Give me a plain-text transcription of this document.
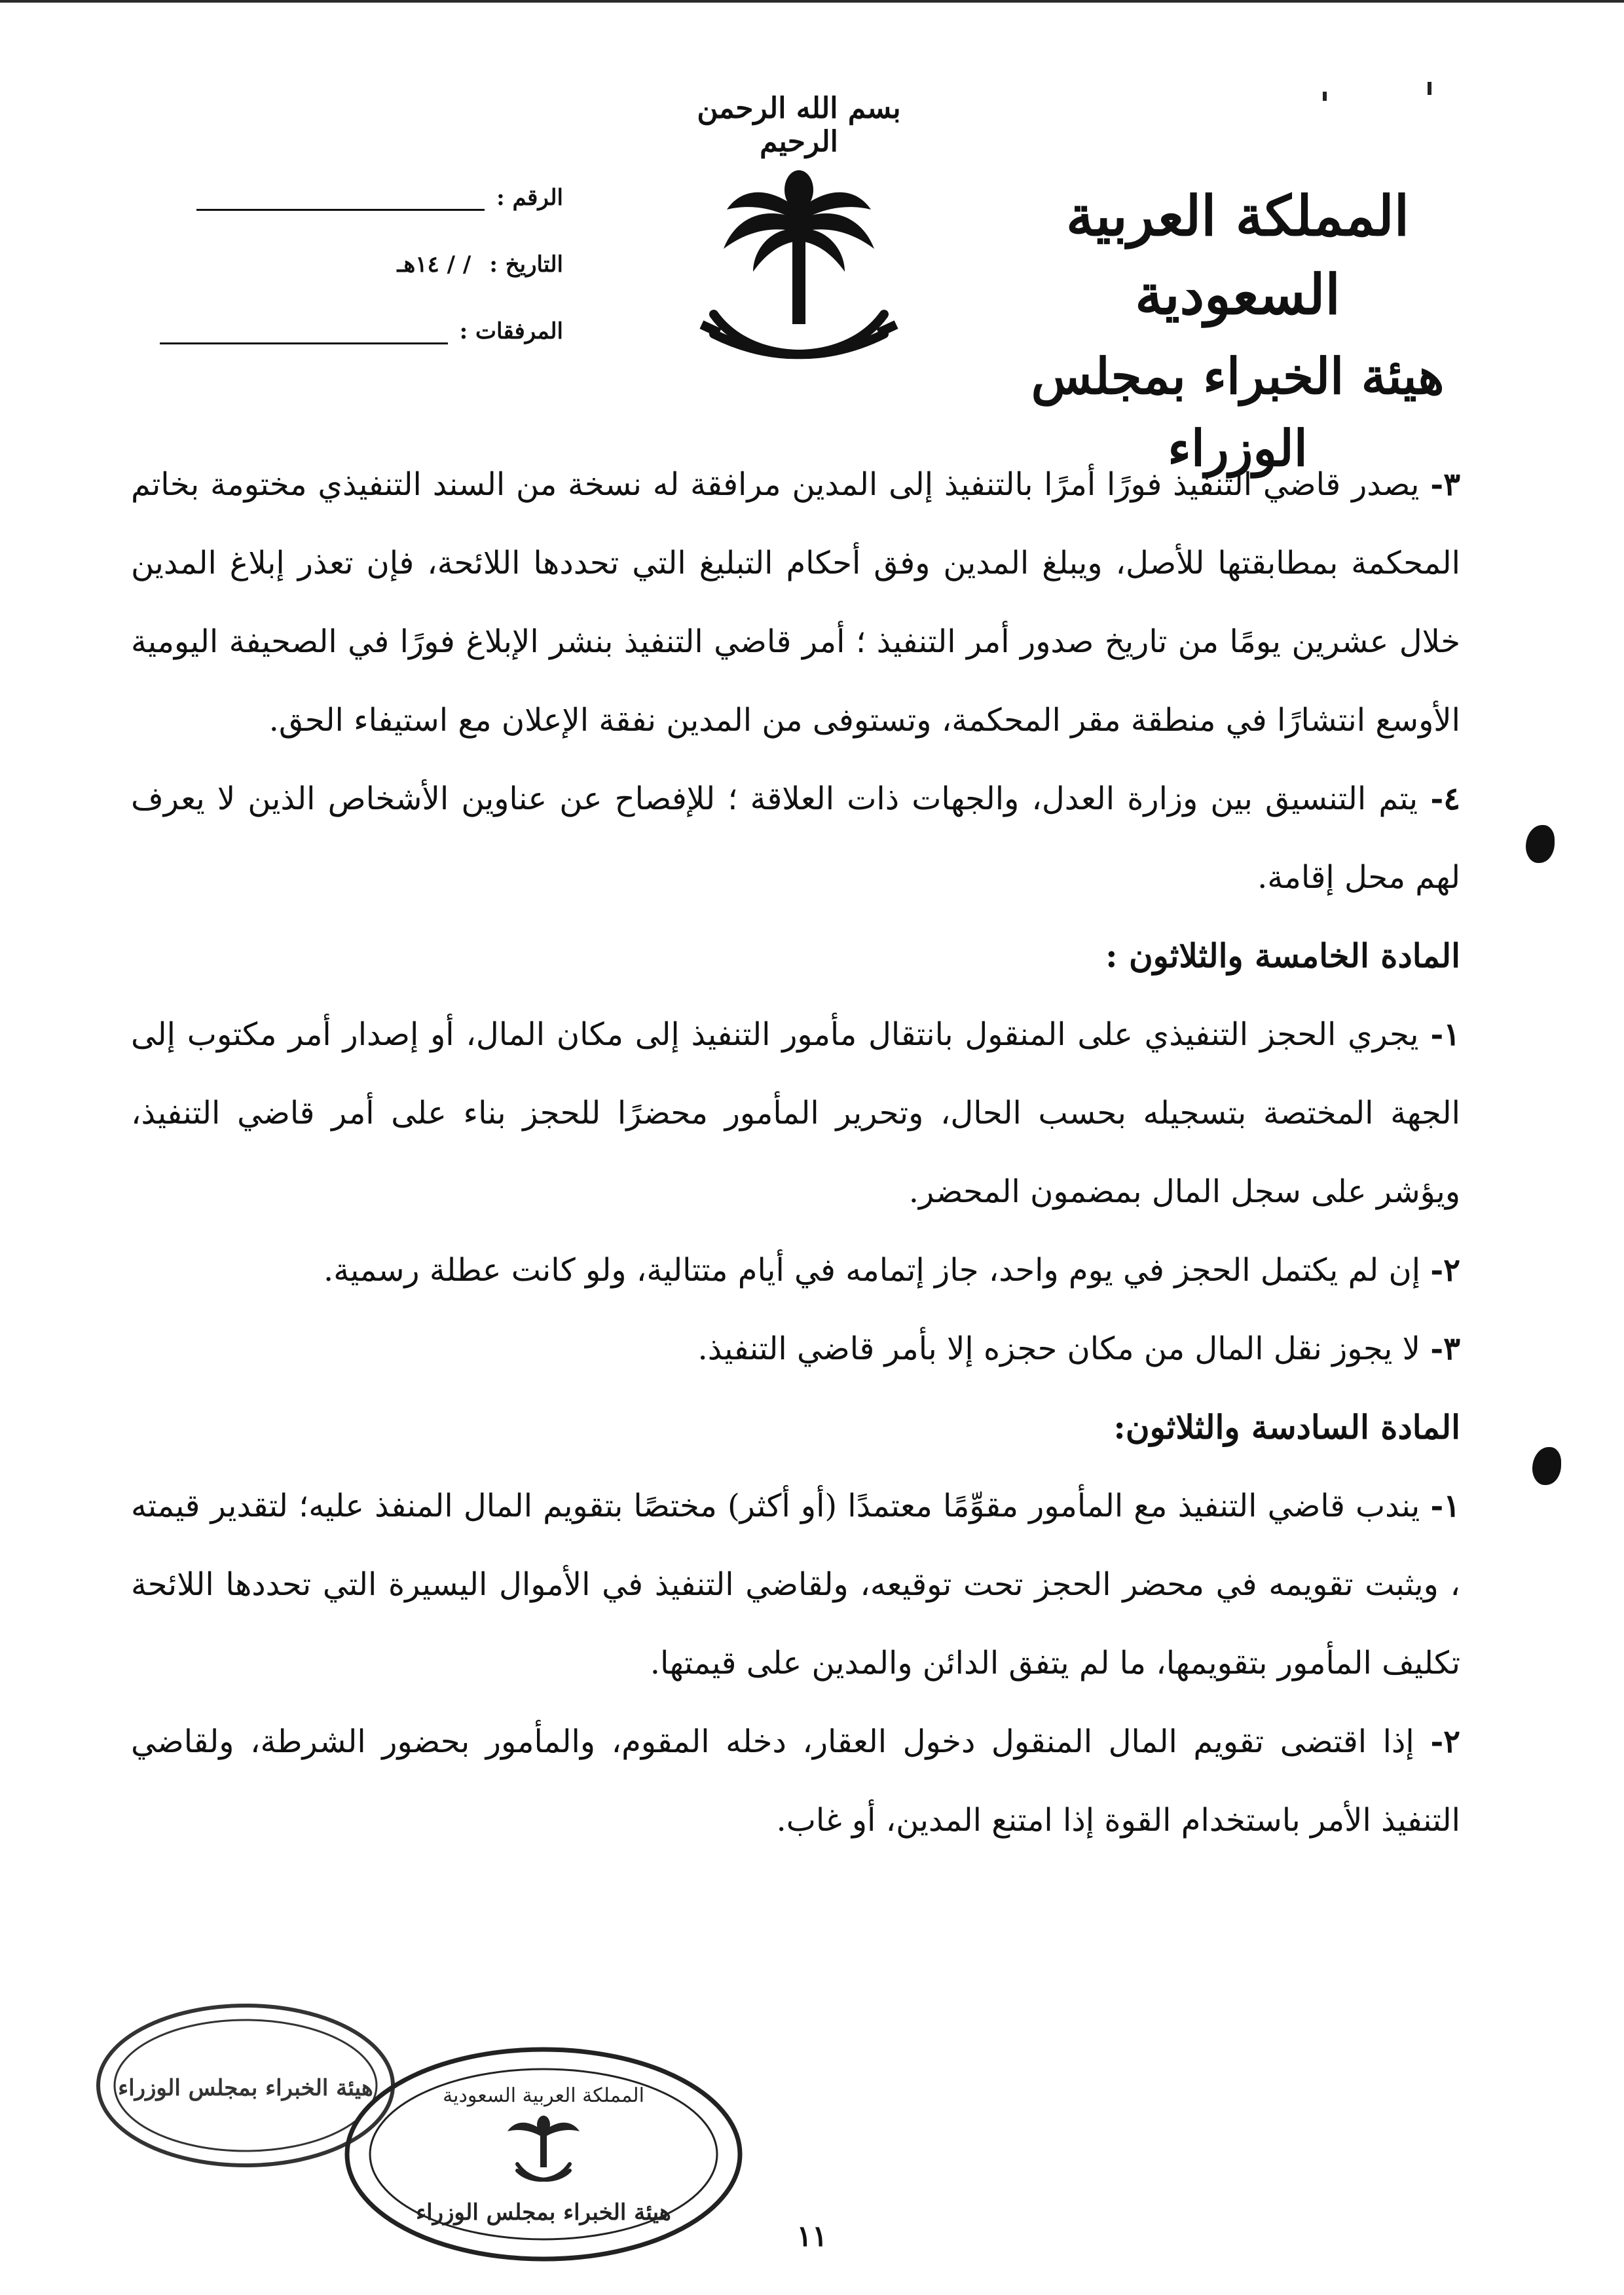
بسم الله الرحمن الرحيم
المملكة العربية السعودية
هيئة الخبراء بمجلس الوزراء
الرقم :
التاريخ :
/ / ١٤هـ
المرفقات :

٣- يصدر قاضي التنفيذ فورًا أمرًا بالتنفيذ إلى المدين مرافقة له نسخة من السند التنفيذي مختومة بخاتم المحكمة بمطابقتها للأصل، ويبلغ المدين وفق أحكام التبليغ التي تحددها اللائحة، فإن تعذر إبلاغ المدين خلال عشرين يومًا من تاريخ صدور أمر التنفيذ ؛ أمر قاضي التنفيذ بنشر الإبلاغ فورًا في الصحيفة اليومية الأوسع انتشارًا في منطقة مقر المحكمة، وتستوفى من المدين نفقة الإعلان مع استيفاء الحق.

٤- يتم التنسيق بين وزارة العدل، والجهات ذات العلاقة ؛ للإفصاح عن عناوين الأشخاص الذين لا يعرف لهم محل إقامة.

المادة الخامسة والثلاثون :

١- يجري الحجز التنفيذي على المنقول بانتقال مأمور التنفيذ إلى مكان المال، أو إصدار أمر مكتوب إلى الجهة المختصة بتسجيله بحسب الحال، وتحرير المأمور محضرًا للحجز بناء على أمر قاضي التنفيذ، ويؤشر على سجل المال بمضمون المحضر.

٢- إن لم يكتمل الحجز في يوم واحد، جاز إتمامه في أيام متتالية، ولو كانت عطلة رسمية.

٣- لا يجوز نقل المال من مكان حجزه إلا بأمر قاضي التنفيذ.

المادة السادسة والثلاثون:

١- يندب قاضي التنفيذ مع المأمور مقوِّمًا معتمدًا (أو أكثر) مختصًا بتقويم المال المنفذ عليه؛ لتقدير قيمته ، ويثبت تقويمه في محضر الحجز تحت توقيعه، ولقاضي التنفيذ في الأموال اليسيرة التي تحددها اللائحة تكليف المأمور بتقويمها، ما لم يتفق الدائن والمدين على قيمتها.

٢- إذا اقتضى تقويم المال المنقول دخول العقار، دخله المقوم، والمأمور بحضور الشرطة، ولقاضي التنفيذ الأمر باستخدام القوة إذا امتنع المدين، أو غاب.

هيئة الخبراء بمجلس الوزراء	المملكة العربية السعودية
هيئة الخبراء بمجلس الوزراء
١١
